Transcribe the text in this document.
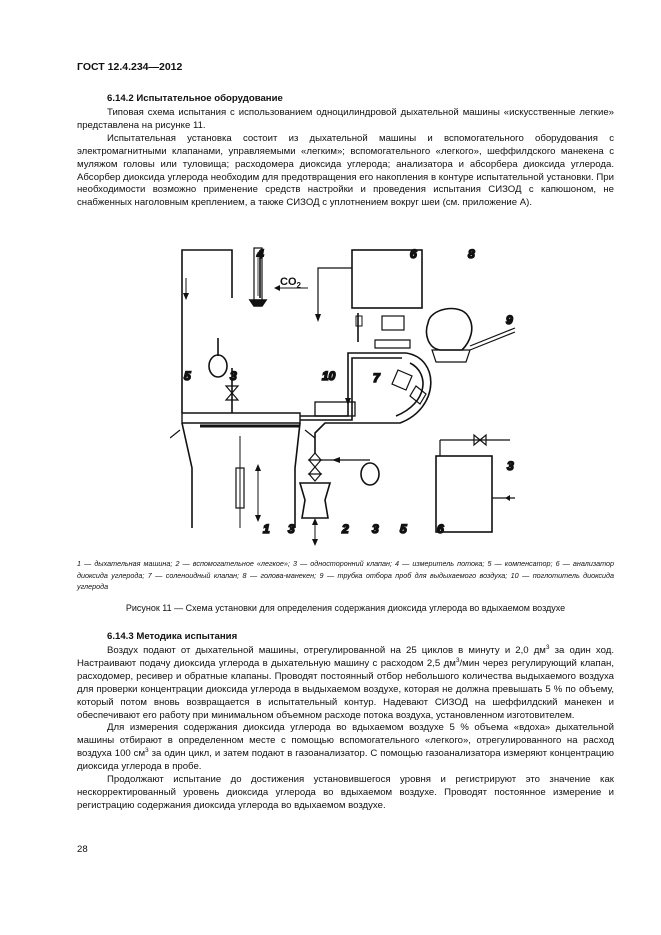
ГОСТ 12.4.234—2012
6.14.2 Испытательное оборудование

Типовая схема испытания с использованием одноцилиндровой дыхательной машины «искусственные легкие» представлена на рисунке 11.

Испытательная установка состоит из дыхательной машины и вспомогательного оборудования с электромагнитными клапанами, управляемыми «легким»; вспомогательного «легкого», шеффилдского манекена с муляжом головы или туловища; расходомера диоксида углерода; анализатора и абсорбера диоксида углерода. Абсорбер диоксида углерода необходим для предотвращения его накопления в контуре испытательной установки. При необходимости возможно применение средств настройки и проведения испытания СИЗОД с капюшоном, не снабженных наголовным креплением, а также СИЗОД с уплотнением вокруг шеи (см. приложение А).

4
$CO_2$
6	8
9
5	3	10	7
3
1 3	2 3 5	6
1 — дыхательная машина; 2 — вспомогательное «легкое»; 3 — односторонний клапан; 4 — измеритель потока; 5 — компенсатор; 6 — анализатор диоксида углерода; 7 — соленоидный клапан; 8 — голова-манекен; 9 — трубка отбора проб для выдыхаемого воздуха; 10 — поглотитель диоксида углерода
Рисунок 11 — Схема установки для определения содержания диоксида углерода во вдыхаемом воздухе
6.14.3 Методика испытания

Воздух подают от дыхательной машины, отрегулированной на 25 циклов в минуту и 2,0 $дм^3$ за один ход. Настраивают подачу диоксида углерода в дыхательную машину с расходом 2,5 $дм^3$/мин через регулирующий клапан, расходомер, ресивер и обратные клапаны. Проводят постоянный отбор небольшого количества выдыхаемого воздуха для проверки концентрации диоксида углерода в выдыхаемом воздухе, которая не должна превышать 5 % по объему, который потом вновь возвращается в испытательный контур. Надевают СИЗОД на шеффилдский манекен и обеспечивают его работу при минимальном объемном расходе потока воздуха, установленном изготовителем.

Для измерения содержания диоксида углерода во вдыхаемом воздухе 5 % объема «вдоха» дыхательной машины отбирают в определенном месте с помощью вспомогательного «легкого», отрегулированного на расход воздуха 100 $см^3$ за один цикл, и затем подают в газоанализатор. С помощью газоанализатора измеряют концентрацию диоксида углерода в пробе.

Продолжают испытание до достижения установившегося уровня и регистрируют это значение как нескорректированный уровень диоксида углерода во вдыхаемом воздухе. Проводят постоянное измерение и регистрацию содержания диоксида углерода во вдыхаемом воздухе.

28
